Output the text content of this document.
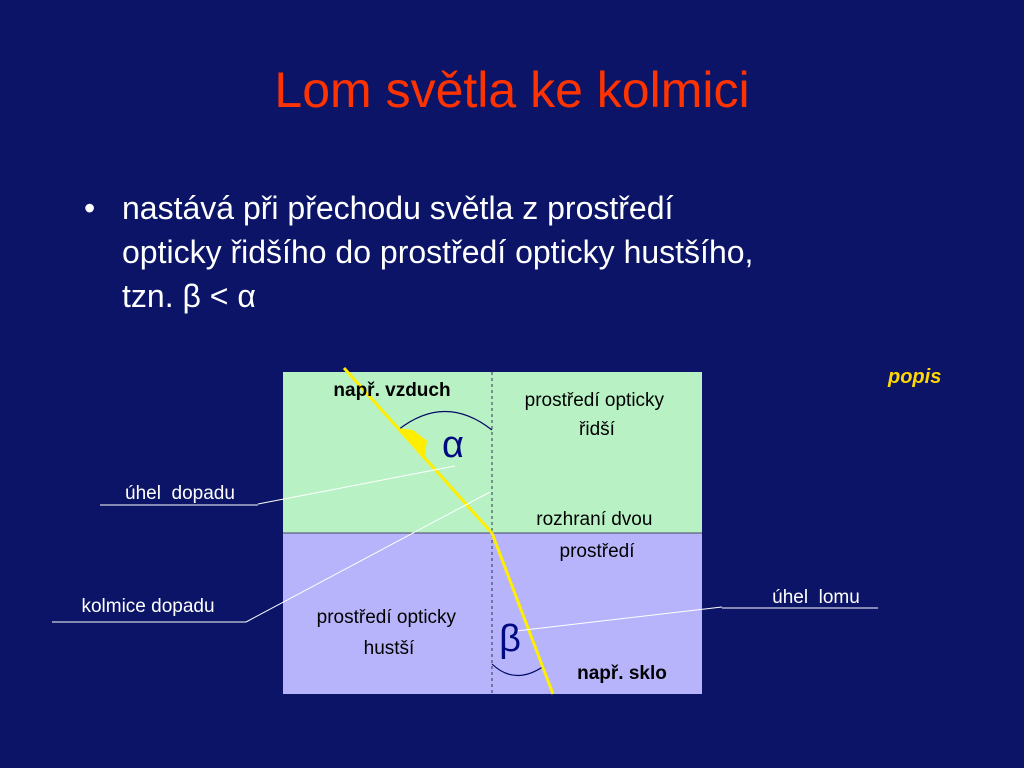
Lom světla ke kolmici
• nastává při přechodu světla z prostředí
opticky řidšího do prostředí opticky hustšího,
tzn. β < α
popis
např. vzduch	prostředí opticky řidší
rozhraní dvou prostředí
prostředí opticky hustší
např. sklo
α
β
úhel  dopadu
kolmice dopadu	úhel  lomu
